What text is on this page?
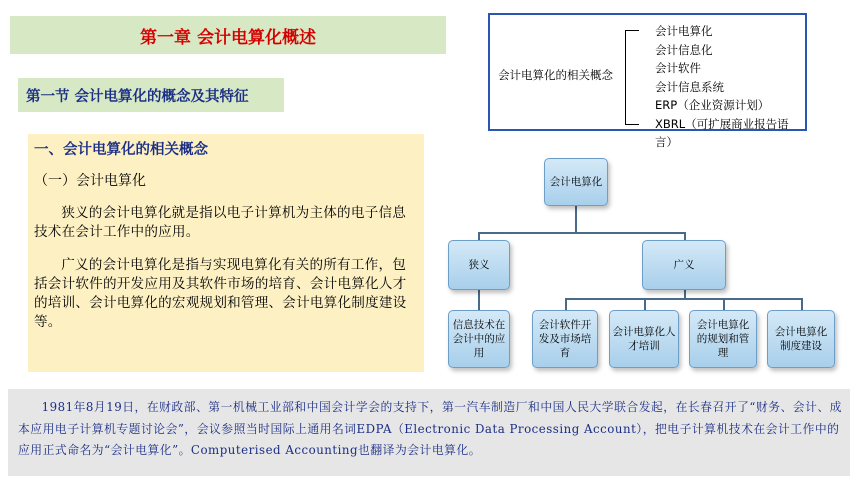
第一章 会计电算化概述
第一节 会计电算化的概念及其特征
一、会计电算化的相关概念
（一）会计电算化

狭义的会计电算化就是指以电子计算机为主体的电子信息技术在会计工作中的应用。

广义的会计电算化是指与实现电算化有关的所有工作，包括会计软件的开发应用及其软件市场的培育、会计电算化人才的培训、会计电算化的宏观规划和管理、会计电算化制度建设等。

会计电算化的相关概念
会计电算化
会计信息化
会计软件
会计信息系统
ERP（企业资源计划）
XBRL（可扩展商业报告语言）
会计电算化
狭义	广义
信息技术在会计中的应用
会计软件开发及市场培育
会计电算化人才培训
会计电算化的规划和管理
会计电算化制度建设

1981年8月19日，在财政部、第一机械工业部和中国会计学会的支持下，第一汽车制造厂和中国人民大学联合发起，在长春召开了“财务、会计、成本应用电子计算机专题讨论会”，会议参照当时国际上通用名词EDPA（Electronic Data Processing Account），把电子计算机技术在会计工作中的应用正式命名为“会计电算化”。Computerised Accounting也翻译为会计电算化。
